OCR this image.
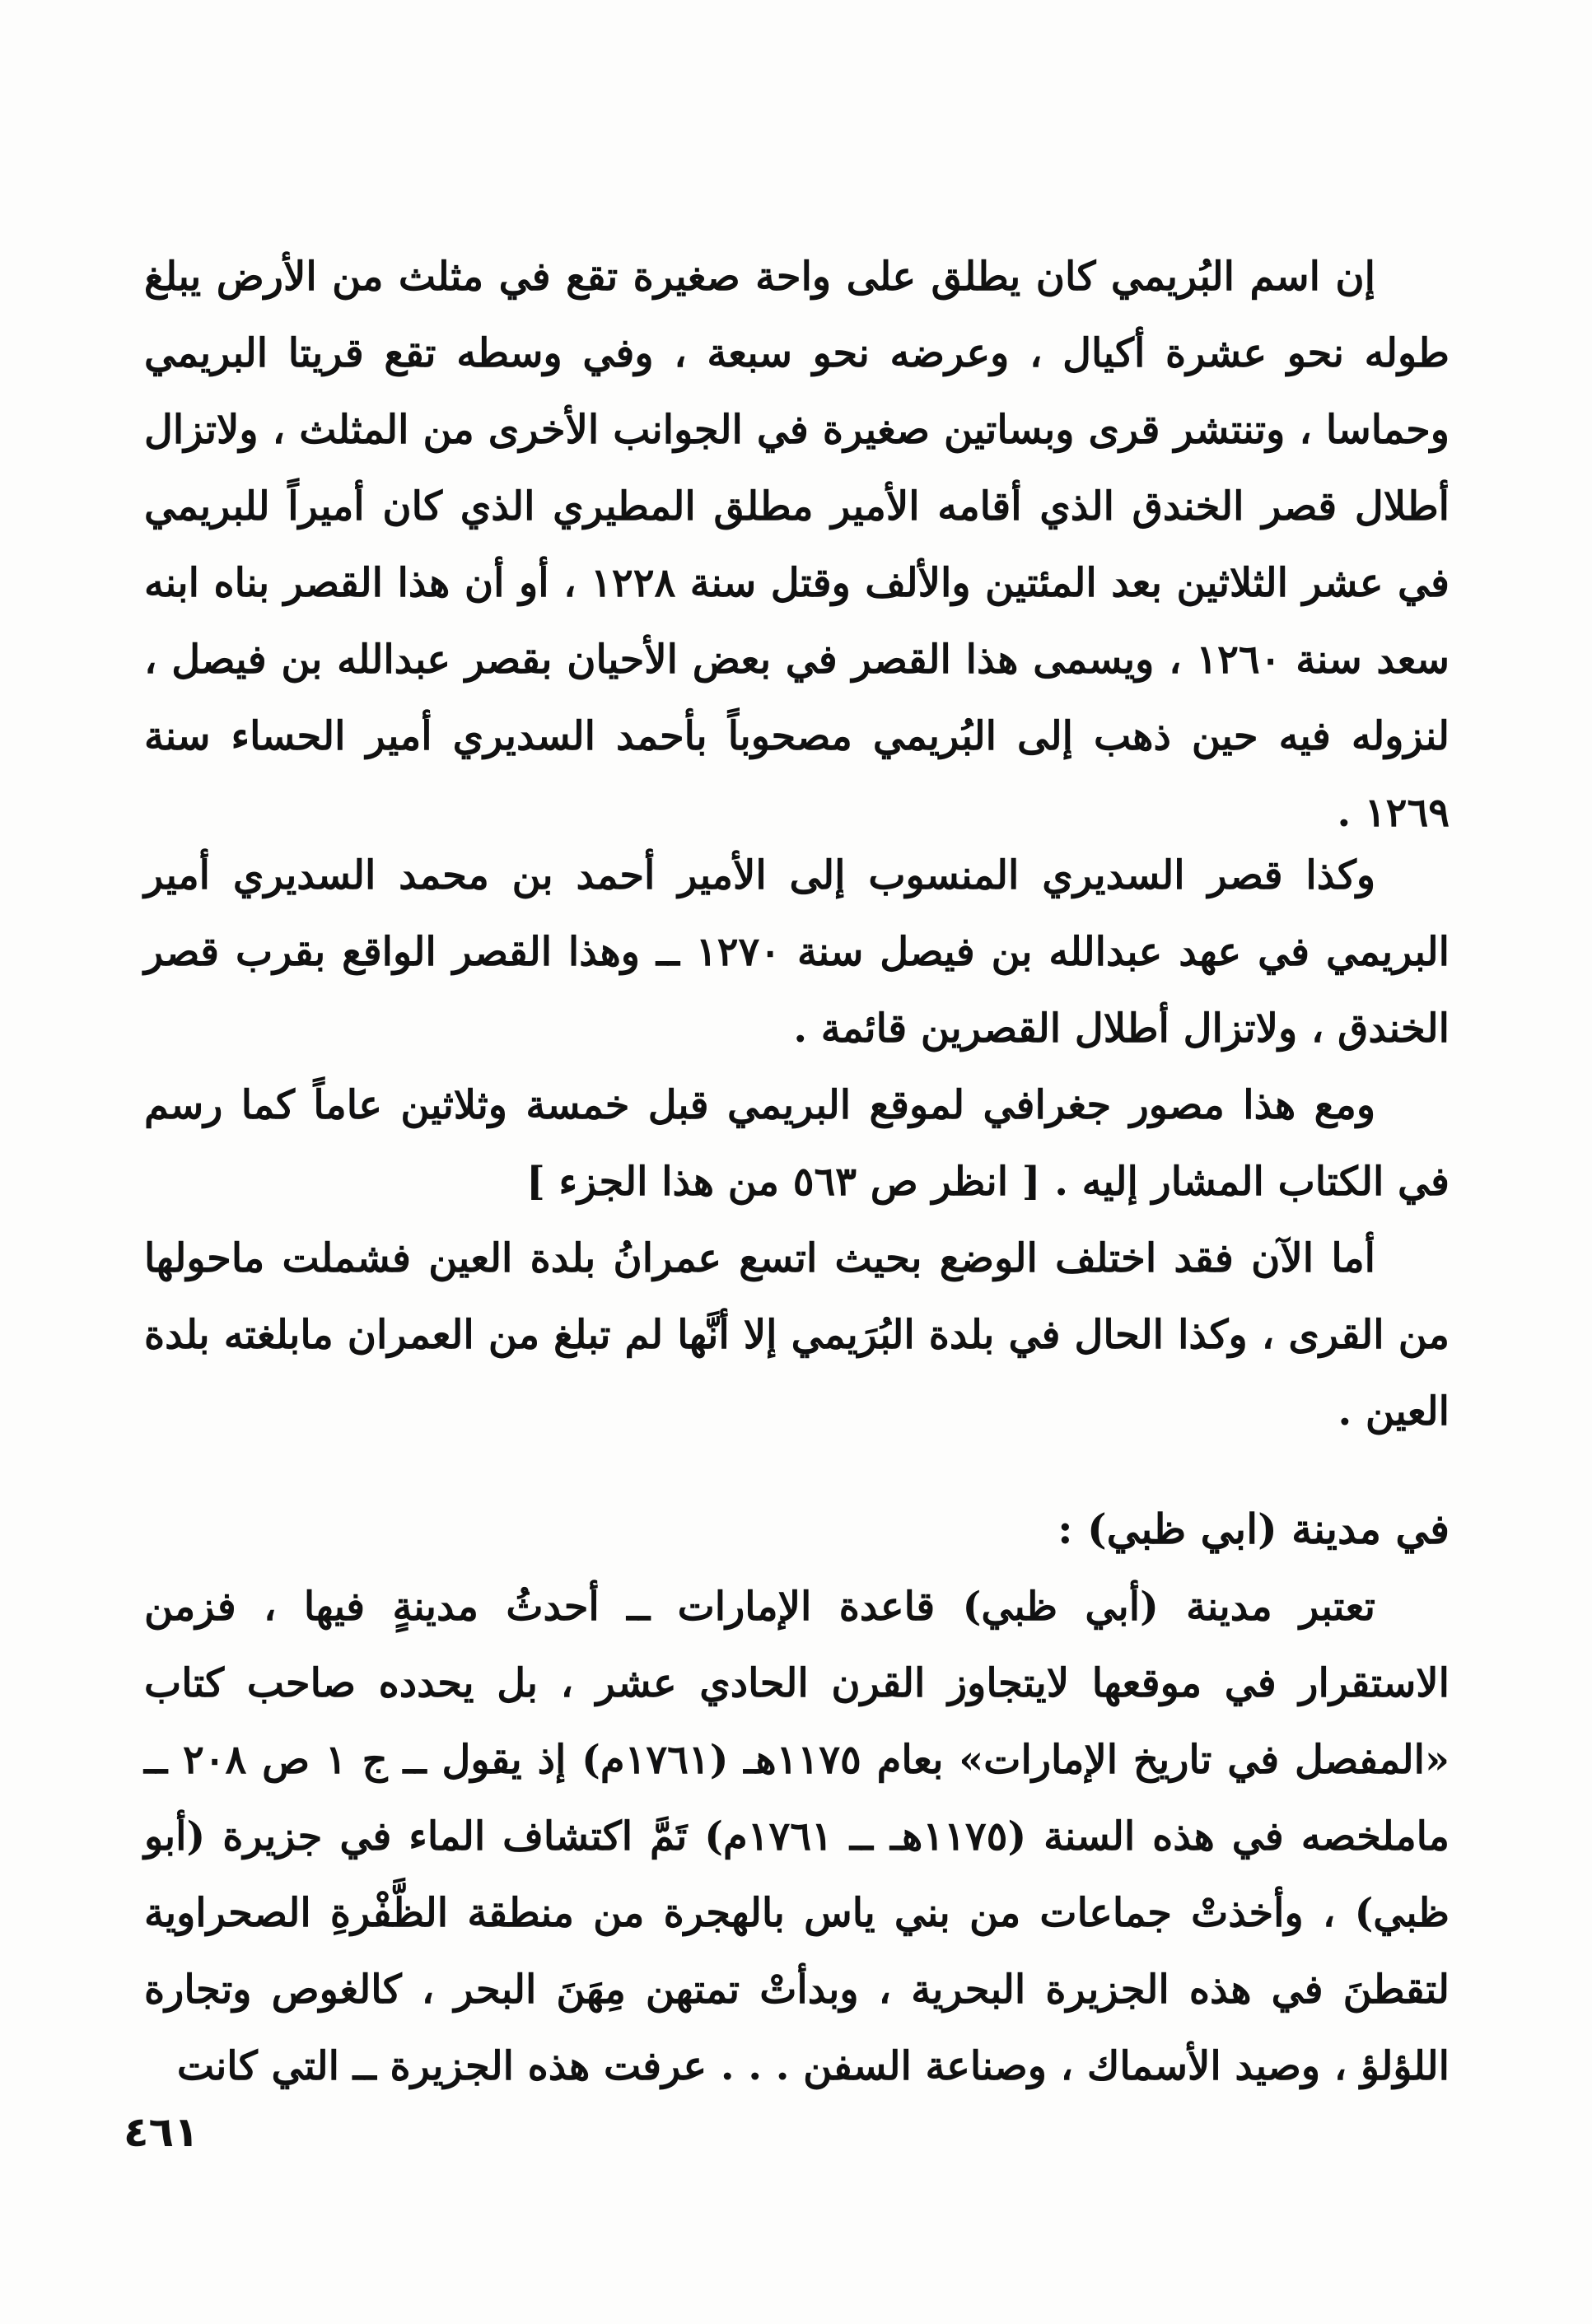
إن اسم البُريمي كان يطلق على واحة صغيرة تقع في مثلث من الأرض يبلغ طوله نحو عشرة أكيال ، وعرضه نحو سبعة ، وفي وسطه تقع قريتا البريمي وحماسا ، وتنتشر قرى وبساتين صغيرة في الجوانب الأخرى من المثلث ، ولاتزال أطلال قصر الخندق الذي أقامه الأمير مطلق المطيري الذي كان أميراً للبريمي في عشر الثلاثين بعد المئتين والألف وقتل سنة ١٢٢٨ ، أو أن هذا القصر بناه ابنه سعد سنة ١٢٦٠ ، ويسمى هذا القصر في بعض الأحيان بقصر عبدالله بن فيصل ، لنزوله فيه حين ذهب إلى البُريمي مصحوباً بأحمد السديري أمير الحساء سنة ١٢٦٩ .

وكذا قصر السديري المنسوب إلى الأمير أحمد بن محمد السديري أمير البريمي في عهد عبدالله بن فيصل سنة ١٢٧٠ ــ وهذا القصر الواقع بقرب قصر الخندق ، ولاتزال أطلال القصرين قائمة .

ومع هذا مصور جغرافي لموقع البريمي قبل خمسة وثلاثين عاماً كما رسم في الكتاب المشار إليه . [ انظر ص ٥٦٣ من هذا الجزء ]

أما الآن فقد اختلف الوضع بحيث اتسع عمرانُ بلدة العين فشملت ماحولها من القرى ، وكذا الحال في بلدة البُرَيمي إلا أنَّها لم تبلغ من العمران مابلغته بلدة العين .

في مدينة (ابي ظبي) :

تعتبر مدينة (أبي ظبي) قاعدة الإمارات ــ أحدثُ مدينةٍ فيها ، فزمن الاستقرار في موقعها لايتجاوز القرن الحادي عشر ، بل يحدده صاحب كتاب «المفصل في تاريخ الإمارات» بعام ١١٧٥هـ (١٧٦١م) إذ يقول ــ ج ١ ص ٢٠٨ ــ ماملخصه في هذه السنة (١١٧٥هـ ــ ١٧٦١م) تَمَّ اكتشاف الماء في جزيرة (أبو ظبي) ، وأخذتْ جماعات من بني ياس بالهجرة من منطقة الظَّفْرةِ الصحراوية لتقطنَ في هذه الجزيرة البحرية ، وبدأتْ تمتهن مِهَنَ البحر ، كالغوص وتجارة اللؤلؤ ، وصيد الأسماك ، وصناعة السفن . . . عرفت هذه الجزيرة ــ التي كانت

٤٦١
